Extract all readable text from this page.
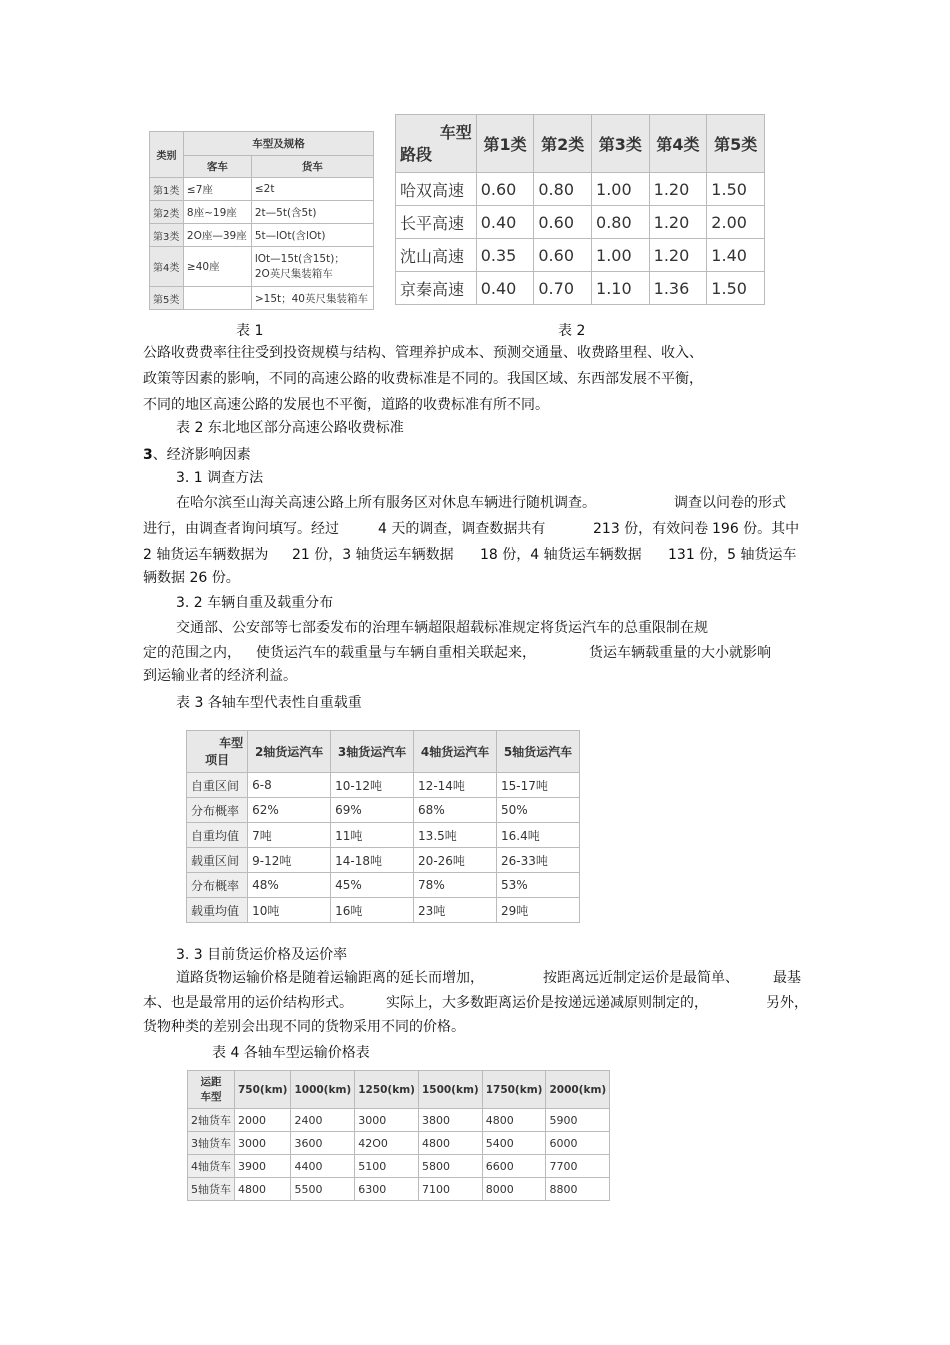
类别	车型及规格	
	客车	货车
第1类	≤7座	≤2t
第2类	8座~19座	2t—5t(含5t)
第3类	2O座—39座	5t—lOt(含lOt)
第4类	≥40座	lOt—15t(含15t)；
2O英尺集装箱车

第5类		>15t；40英尺集装箱车
车型
路段	第1类	第2类	第3类	第4类	第5类
哈双高速	0.60	0.80	1.00	1.20	1.50
长平高速	0.40	0.60	0.80	1.20	2.00
沈山高速	0.35	0.60	1.00	1.20	1.40
京秦高速	0.40	0.70	1.10	1.36	1.50
表 1	表 2
公路收费费率往往受到投资规模与结构、管理养护成本、预测交通量、收费路里程、收入、
政策等因素的影响，不同的高速公路的收费标准是不同的。我国区域、东西部发展不平衡，
不同的地区高速公路的发展也不平衡，道路的收费标准有所不同。
表 2 东北地区部分高速公路收费标准
3、经济影响因素
3. 1 调查方法
在哈尔滨至山海关高速公路上所有服务区对休息车辆进行随机调查。	调查以问卷的形式
进行，由调查者询问填写。经过	4 天的调查，调查数据共有	213 份，有效问卷 196 份。其中
2 轴货运车辆数据为 21 份，3 轴货运车辆数据 18 份，4 轴货运车辆数据 131 份，5 轴货运车
辆数据 26 份。
3. 2 车辆自重及载重分布
交通部、公安部等七部委发布的治理车辆超限超载标准规定将货运汽车的总重限制在规
定的范围之内， 使货运汽车的载重量与车辆自重相关联起来，	货运车辆载重量的大小就影响
到运输业者的经济利益。
表 3 各轴车型代表性自重载重
车型
项目	2轴货运汽车	3轴货运汽车	4轴货运汽车	5轴货运汽车
自重区间	6-8	10-12吨	12-14吨	15-17吨
分布概率	62%	69%	68%	50%
自重均值	7吨	11吨	13.5吨	16.4吨
载重区间	9-12吨	14-18吨	20-26吨	26-33吨
分布概率	48%	45%	78%	53%
载重均值	10吨	16吨	23吨	29吨
3. 3 目前货运价格及运价率
道路货物运输价格是随着运输距离的延长而增加，	按距离远近制定运价是最简单、 最基
本、也是最常用的运价结构形式。 实际上，大多数距离运价是按递远递减原则制定的，	另外，
货物种类的差别会出现不同的货物采用不同的价格。
表 4 各轴车型运输价格表
运距
车型	750(km)	1000(km)	1250(km)	1500(km)	1750(km)	2000(km)
2轴货车	2000	2400	3000	3800	4800	5900
3轴货车	3000	3600	42O0	4800	5400	6000
4轴货车	3900	4400	5100	5800	6600	7700
5轴货车	4800	5500	6300	7100	8000	8800
